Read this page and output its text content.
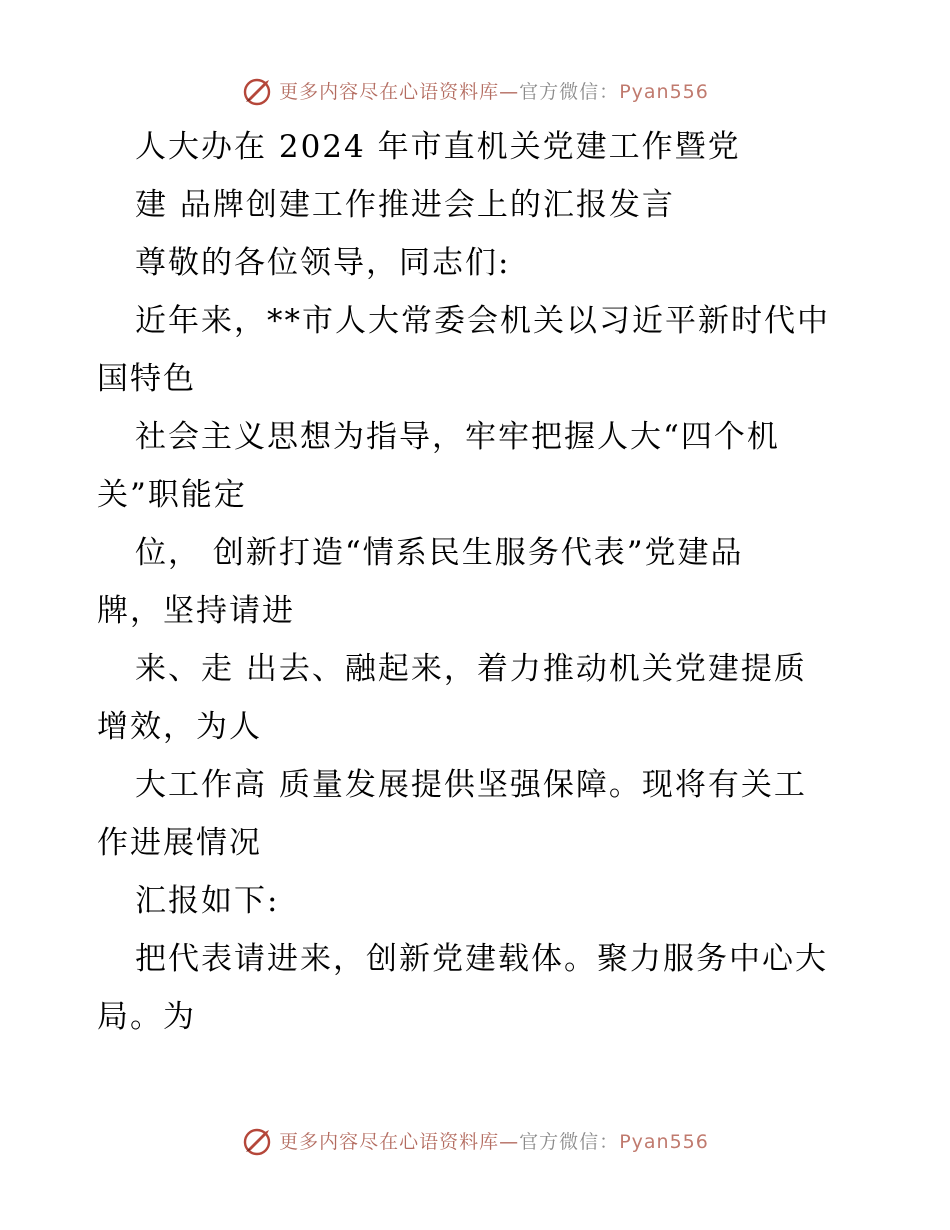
更多内容尽在心语资料库—官方微信：Pyan556
人大办在 2024 年市直机关党建工作暨党
建 品牌创建工作推进会上的汇报发言
尊敬的各位领导，同志们:
近年来，**市人大常委会机关以习近平新时代中
国特色
社会主义思想为指导，牢牢把握人大“四个机
关”职能定
位， 创新打造“情系民生服务代表”党建品
牌，坚持请进
来、走 出去、融起来，着力推动机关党建提质
增效，为人
大工作高 质量发展提供坚强保障。现将有关工
作进展情况
汇报如下:
把代表请进来，创新党建载体。聚力服务中心大
局。为
更多内容尽在心语资料库—官方微信：Pyan556
